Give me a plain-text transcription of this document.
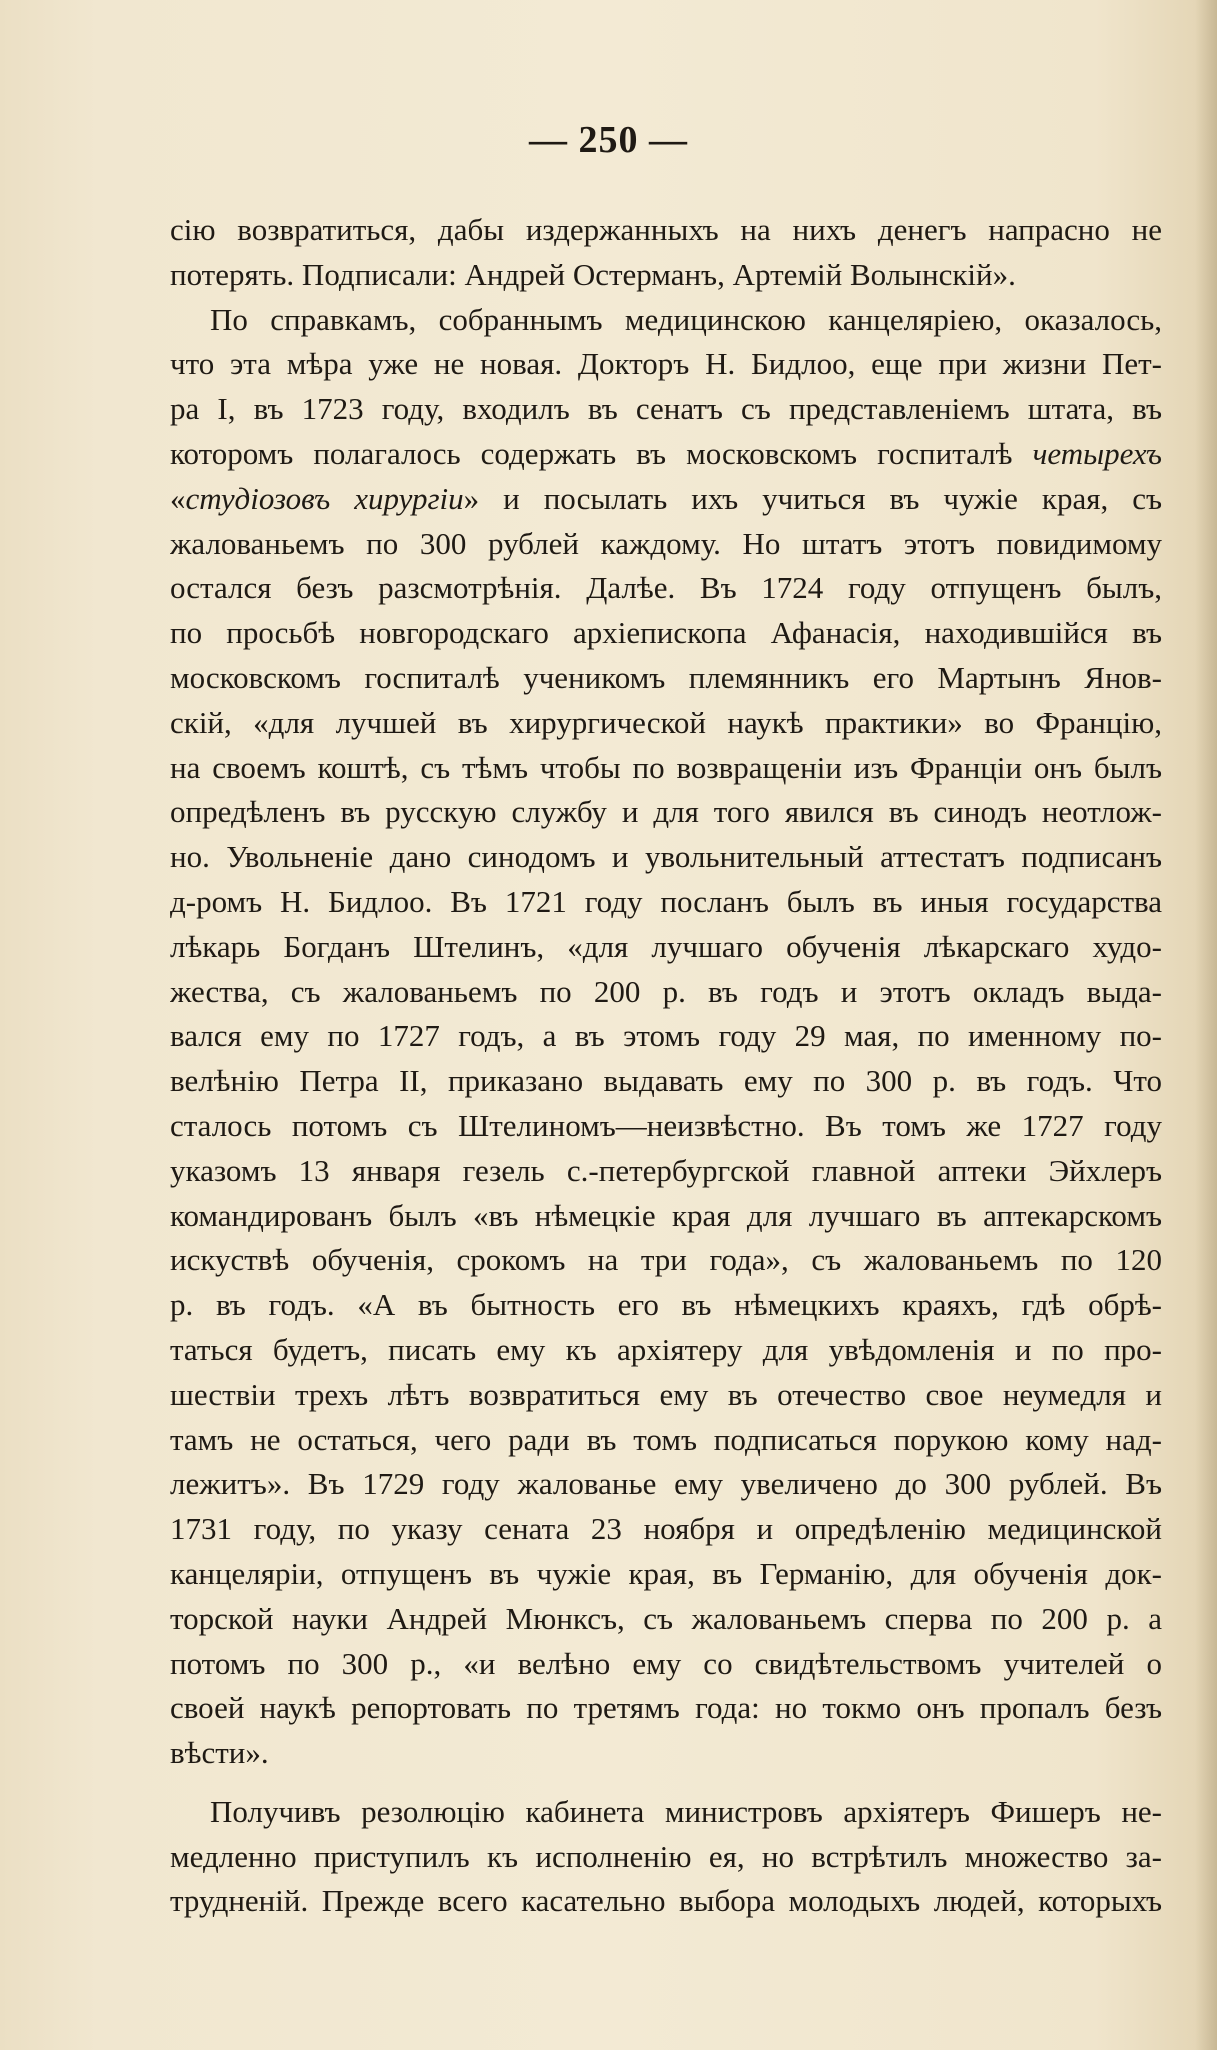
— 250 —
сію возвратиться, дабы издержанныхъ на нихъ денегъ напрасно не
потерять. Подписали: Андрей Остерманъ, Артемій Волынскій».
По справкамъ, собраннымъ медицинскою канцеляріею, оказалось,
что эта мѣра уже не новая. Докторъ Н. Бидлоо, еще при жизни Пет-
ра I, въ 1723 году, входилъ въ сенатъ съ представленіемъ штата, въ
которомъ полагалось содержать въ московскомъ госпиталѣ четырехъ
«студіозовъ хирургіи» и посылать ихъ учиться въ чужіе края, съ
жалованьемъ по 300 рублей каждому. Но штатъ этотъ повидимому
остался безъ разсмотрѣнія. Далѣе. Въ 1724 году отпущенъ былъ,
по просьбѣ новгородскаго архіепископа Афанасія, находившійся въ
московскомъ госпиталѣ ученикомъ племянникъ его Мартынъ Янов-
скій, «для лучшей въ хирургической наукѣ практики» во Францію,
на своемъ коштѣ, съ тѣмъ чтобы по возвращеніи изъ Франціи онъ былъ
опредѣленъ въ русскую службу и для того явился въ синодъ неотлож-
но. Увольненіе дано синодомъ и увольнительный аттестатъ подписанъ
д-ромъ Н. Бидлоо. Въ 1721 году посланъ былъ въ иныя государства
лѣкарь Богданъ Штелинъ, «для лучшаго обученія лѣкарскаго худо-
жества, съ жалованьемъ по 200 р. въ годъ и этотъ окладъ выда-
вался ему по 1727 годъ, а въ этомъ году 29 мая, по именному по-
велѣнію Петра II, приказано выдавать ему по 300 р. въ годъ. Что
сталось потомъ съ Штелиномъ—неизвѣстно. Въ томъ же 1727 году
указомъ 13 января гезель с.-петербургской главной аптеки Эйхлеръ
командированъ былъ «въ нѣмецкіе края для лучшаго въ аптекарскомъ
искуствѣ обученія, срокомъ на три года», съ жалованьемъ по 120
р. въ годъ. «А въ бытность его въ нѣмецкихъ краяхъ, гдѣ обрѣ-
таться будетъ, писать ему къ архіятеру для увѣдомленія и по про-
шествіи трехъ лѣтъ возвратиться ему въ отечество свое неумедля и
тамъ не остаться, чего ради въ томъ подписаться порукою кому над-
лежитъ». Въ 1729 году жалованье ему увеличено до 300 рублей. Въ
1731 году, по указу сената 23 ноября и опредѣленію медицинской
канцеляріи, отпущенъ въ чужіе края, въ Германію, для обученія док-
торской науки Андрей Мюнксъ, съ жалованьемъ сперва по 200 р. а
потомъ по 300 р., «и велѣно ему со свидѣтельствомъ учителей о
своей наукѣ репортовать по третямъ года: но токмо онъ пропалъ безъ
вѣсти».
Получивъ резолюцію кабинета министровъ архіятеръ Фишеръ не-
медленно приступилъ къ исполненію ея, но встрѣтилъ множество за-
трудненій. Прежде всего касательно выбора молодыхъ людей, которыхъ
